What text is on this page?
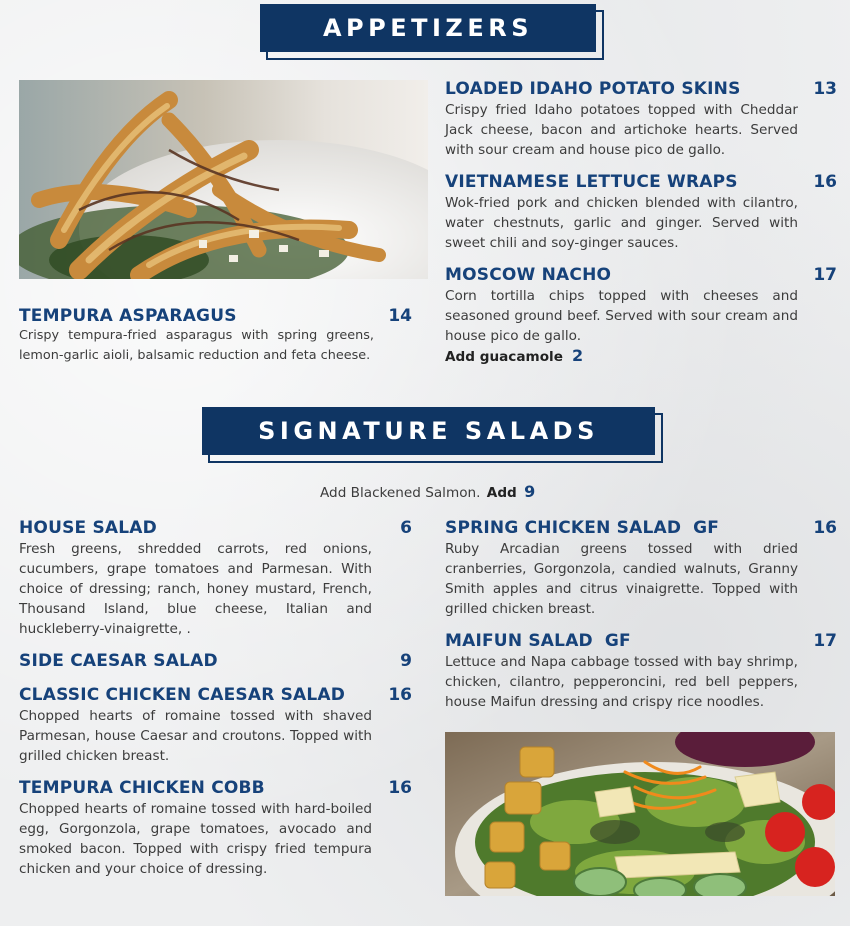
APPETIZERS
TEMPURA ASPARAGUS	14
Crispy tempura-fried asparagus with spring greens, lemon-garlic aioli, balsamic reduction and feta cheese.
LOADED IDAHO POTATO SKINS	13
Crispy fried Idaho potatoes topped with Cheddar Jack cheese, bacon and artichoke hearts. Served with sour cream and house pico de gallo.
VIETNAMESE LETTUCE WRAPS	16
Wok-fried pork and chicken blended with cilantro, water chestnuts, garlic and ginger. Served with sweet chili and soy-ginger sauces.
MOSCOW NACHO	17
Corn tortilla chips topped with cheeses and seasoned ground beef. Served with sour cream and house pico de gallo.
Add guacamole 2
SIGNATURE SALADS
Add Blackened Salmon. Add 9
HOUSE SALAD	6
Fresh greens, shredded carrots, red onions, cucumbers, grape tomatoes and Parmesan. With choice of dressing; ranch, honey mustard, French, Thousand Island, blue cheese, Italian and huckleberry-vinaigrette, .
SIDE CAESAR SALAD	9
CLASSIC CHICKEN CAESAR SALAD	16
Chopped hearts of romaine tossed with shaved Parmesan, house Caesar and croutons. Topped with grilled chicken breast.
TEMPURA CHICKEN COBB	16
Chopped hearts of romaine tossed with hard-boiled egg, Gorgonzola, grape tomatoes, avocado and smoked bacon. Topped with crispy fried tempura chicken and your choice of dressing.
SPRING CHICKEN SALAD GF	16
Ruby Arcadian greens tossed with dried cranberries, Gorgonzola, candied walnuts, Granny Smith apples and citrus vinaigrette. Topped with grilled chicken breast.
MAIFUN SALAD GF	17
Lettuce and Napa cabbage tossed with bay shrimp, chicken, cilantro, pepperoncini, red bell peppers, house Maifun dressing and crispy rice noodles.
